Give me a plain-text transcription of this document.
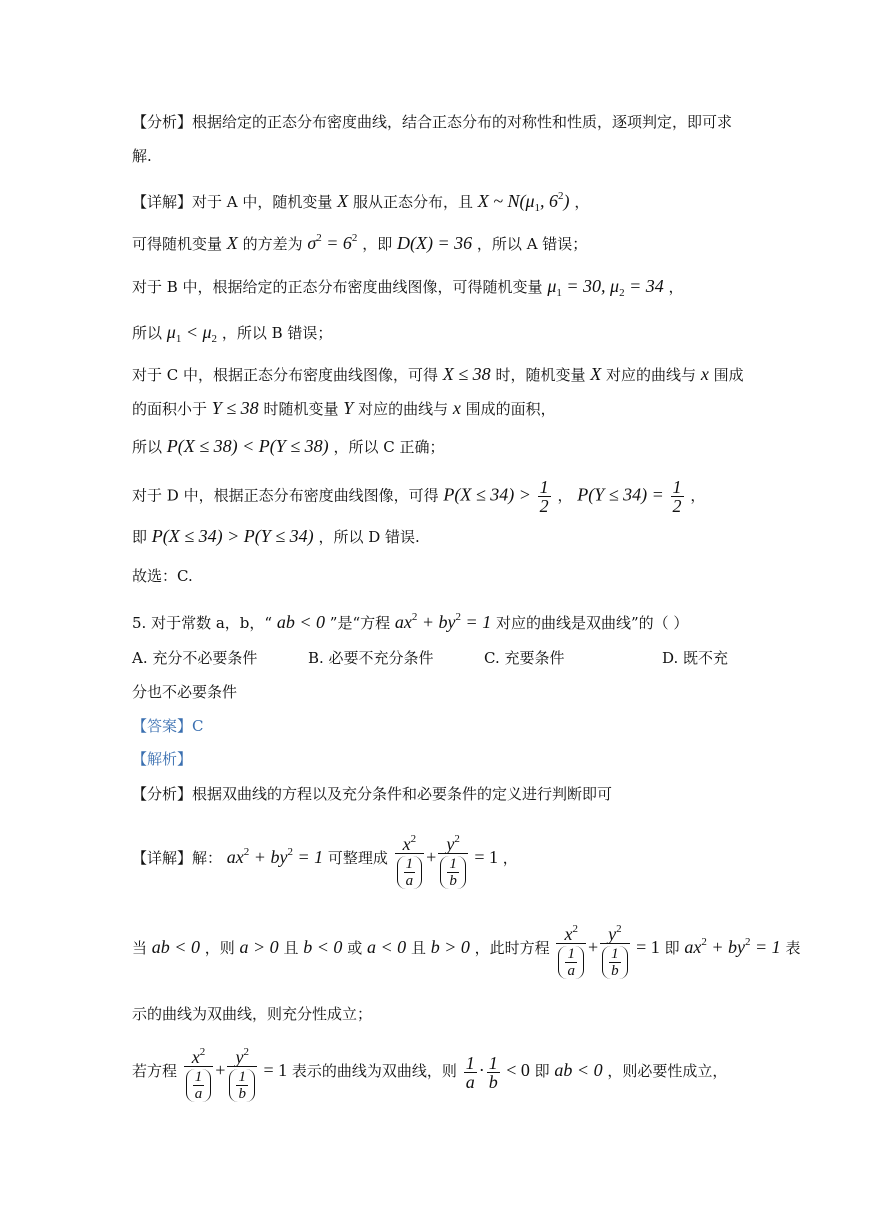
【分析】根据给定的正态分布密度曲线，结合正态分布的对称性和性质，逐项判定，即可求
解.
【详解】对于 A 中，随机变量 X 服从正态分布，且 X ~ $N(\mu_1$, $6^2$) ，
可得随机变量 X 的方差为 $\sigma^2 = 6^2$ ，即 D(X) = 36 ，所以 A 错误；
对于 B 中，根据给定的正态分布密度曲线图像，可得随机变量 $\mu_1 = 30$, $\mu_2 = 34$ ，
所以 $\mu_1 < \mu_2$ ，所以 B 错误；
对于 C 中，根据正态分布密度曲线图像，可得 X ≤ 38 时，随机变量 X 对应的曲线与 x 围成
的面积小于 Y ≤ 38 时随机变量 Y 对应的曲线与 x 围成的面积，
所以 P(X ≤ 38) < P(Y ≤ 38) ，所以 C 正确；
对于 D 中，根据正态分布密度曲线图像，可得 $P(X \le 34) > \frac{1}{2}$ ， $P(Y \le 34) = \frac{1}{2}$ ，
即 P(X ≤ 34) > P(Y ≤ 34) ，所以 D 错误.
故选：C.
5. 对于常数 a，b，“ ab < 0 ”是“方程 $ax^2 + by^2 = 1$ 对应的曲线是双曲线”的（ ）
A. 充分不必要条件	B. 必要不充分条件	C. 充要条件	D. 既不充
分也不必要条件
【答案】C
【解析】
【分析】根据双曲线的方程以及充分条件和必要条件的定义进行判断即可
【详解】解： $ax^2 + by^2 = 1$ 可整理成 $\frac{x^2}{\frac{1}{a}} + \frac{y^2}{\frac{1}{b}} = 1$ ，
当 ab < 0 ，则 a > 0 且 b < 0 或 a < 0 且 b > 0 ，此时方程 $\frac{x^2}{\frac{1}{a}} + \frac{y^2}{\frac{1}{b}} = 1$ 即 $ax^2 + by^2 = 1$ 表
示的曲线为双曲线，则充分性成立；
若方程 $\frac{x^2}{\frac{1}{a}} + \frac{y^2}{\frac{1}{b}} = 1$ 表示的曲线为双曲线，则 $\frac{1}{a} \cdot \frac{1}{b} < 0$ 即 ab < 0 ，则必要性成立，
